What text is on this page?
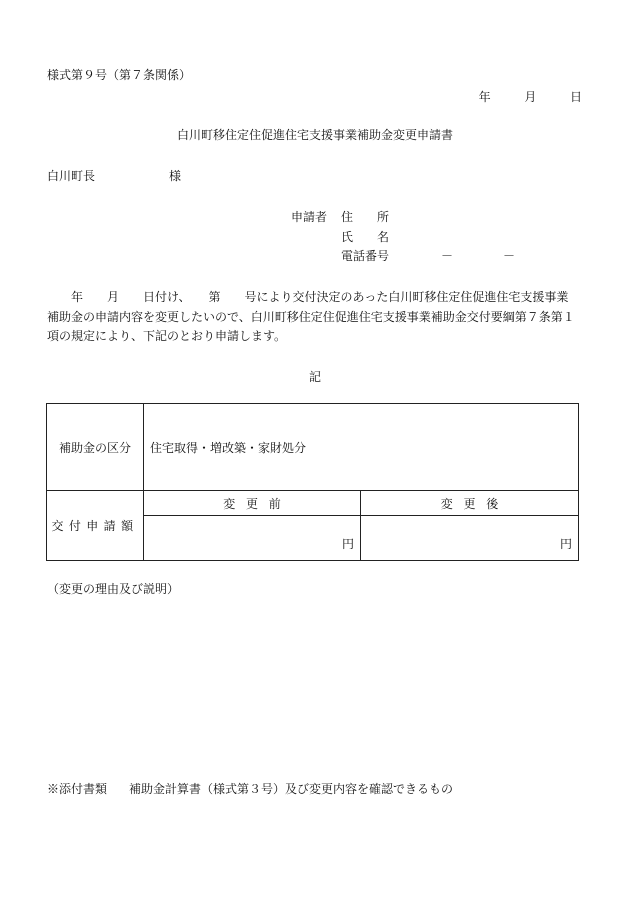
様式第９号（第７条関係）
年	月	日
白川町移住定住促進住宅支援事業補助金変更申請書
白川町長	様
申請者 住　　所
氏　　名
電話番号	－	－
　　年　　月　　日付け、　　第　　号により交付決定のあった白川町移住定住促進住宅支援事業補助金の申請内容を変更したいので、白川町移住定住促進住宅支援事業補助金交付要綱第７条第１項の規定により、下記のとおり申請します。
記
補助金の区分	住宅取得・増改築・家財処分	
交付申請額	変更前	変更後
	円	円
（変更の理由及び説明）
※添付書類 補助金計算書（様式第３号）及び変更内容を確認できるもの
